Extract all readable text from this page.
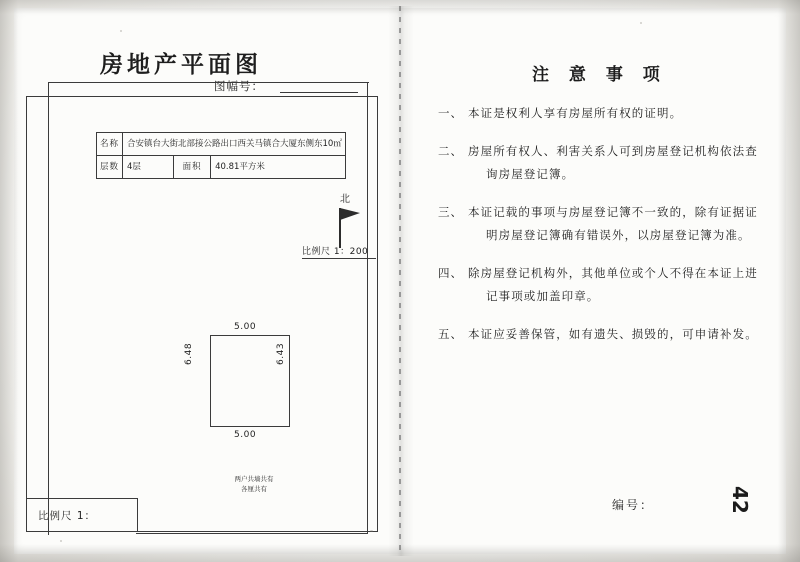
房地产平面图
图幅号：
名称	合安镇台大街北部接公路出口西关马镇合大厦东侧东10㎡		
层数	4层	面积	40.81平方米
北
比例尺 1：200
5.00
5.00
6.48	6.43
两户共墙共有
各厘共有
比例尺 1：
注 意 事 项
一、 本证是权利人享有房屋所有权的证明。
二、 房屋所有权人、利害关系人可到房屋登记机构依法查
询房屋登记簿。
三、 本证记载的事项与房屋登记簿不一致的，除有证据证
明房屋登记簿确有错误外，以房屋登记簿为准。
四、 除房屋登记机构外，其他单位或个人不得在本证上进
记事项或加盖印章。
五、 本证应妥善保管，如有遗失、损毁的，可申请补发。
编号：	42
